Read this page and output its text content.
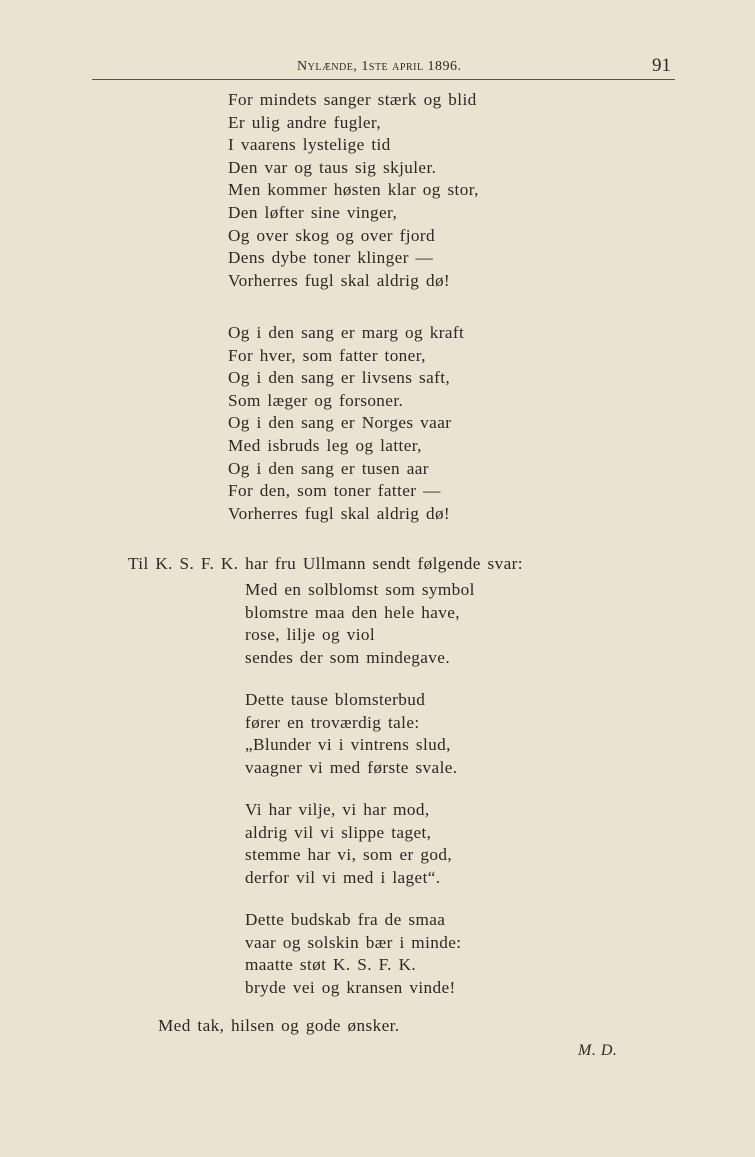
Nylænde, 1ste april 1896.	91
For mindets sanger stærk og blid
Er ulig andre fugler,
I vaarens lystelige tid
Den var og taus sig skjuler.
Men kommer høsten klar og stor,
Den løfter sine vinger,
Og over skog og over fjord
Dens dybe toner klinger —
Vorherres fugl skal aldrig dø!
Og i den sang er marg og kraft
For hver, som fatter toner,
Og i den sang er livsens saft,
Som læger og forsoner.
Og i den sang er Norges vaar
Med isbruds leg og latter,
Og i den sang er tusen aar
For den, som toner fatter —
Vorherres fugl skal aldrig dø!
Til K. S. F. K. har fru Ullmann sendt følgende svar:
Med en solblomst som symbol
blomstre maa den hele have,
rose, lilje og viol
sendes der som mindegave.
Dette tause blomsterbud
fører en troværdig tale:
„Blunder vi i vintrens slud,
vaagner vi med første svale.
Vi har vilje, vi har mod,
aldrig vil vi slippe taget,
stemme har vi, som er god,
derfor vil vi med i laget“.
Dette budskab fra de smaa
vaar og solskin bær i minde:
maatte støt K. S. F. K.
bryde vei og kransen vinde!
Med tak, hilsen og gode ønsker.
M. D.
